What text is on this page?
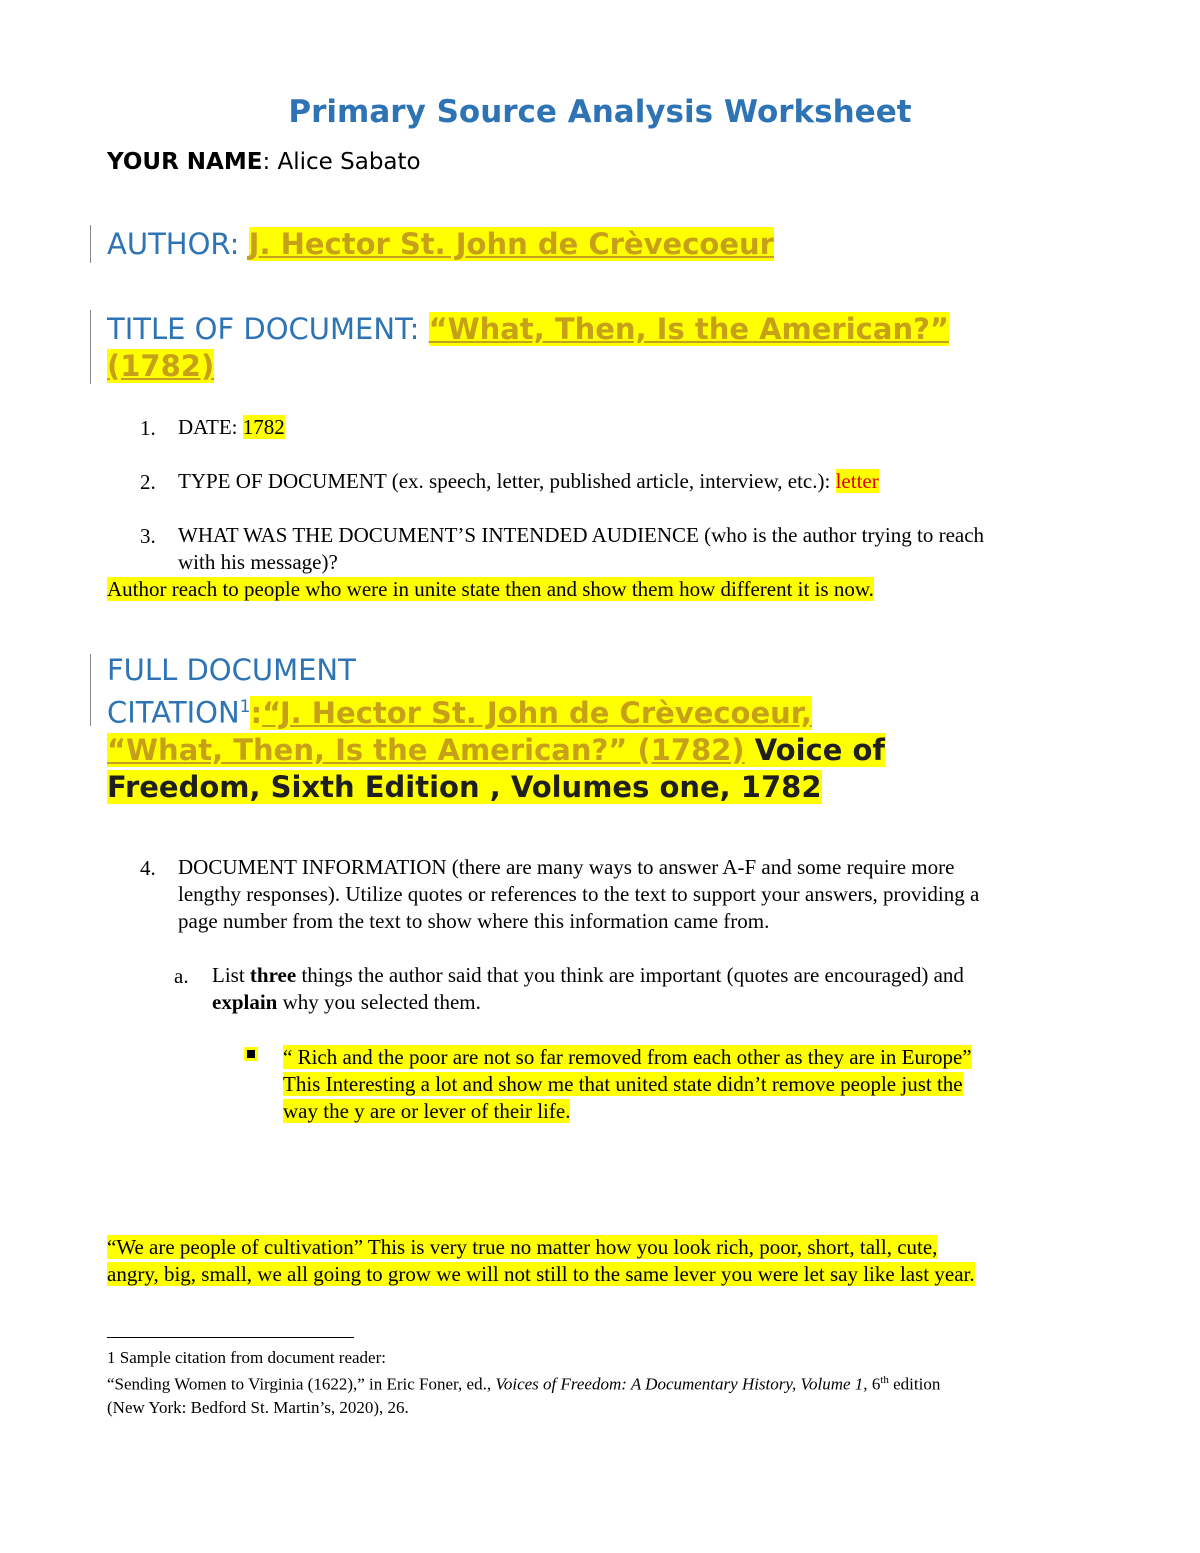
Primary Source Analysis Worksheet
YOUR NAME: Alice Sabato
AUTHOR: J. Hector St. John de Crèvecoeur
TITLE OF DOCUMENT: “What, Then, Is the American?”
(1782)
1. DATE: 1782
2. TYPE OF DOCUMENT (ex. speech, letter, published article, interview, etc.): letter
3. WHAT WAS THE DOCUMENT’S INTENDED AUDIENCE (who is the author trying to reach
with his message)?
Author reach to people who were in unite state then and show them how different it is now.
FULL DOCUMENT
CITATION$^1$:“J. Hector St. John de Crèvecoeur,
“What, Then, Is the American?” (1782) Voice of
Freedom, Sixth Edition , Volumes one, 1782
4. DOCUMENT INFORMATION (there are many ways to answer A-F and some require more
lengthy responses). Utilize quotes or references to the text to support your answers, providing a
page number from the text to show where this information came from.
a. List three things the author said that you think are important (quotes are encouraged) and
explain why you selected them.
“ Rich and the poor are not so far removed from each other as they are in Europe”
This Interesting a lot and show me that united state didn’t remove people just the
way the y are or lever of their life.
“We are people of cultivation” This is very true no matter how you look rich, poor, short, tall, cute,
angry, big, small, we all going to grow we will not still to the same lever you were let say like last year.
1 Sample citation from document reader:
“Sending Women to Virginia (1622),” in Eric Foner, ed., Voices of Freedom: A Documentary History, Volume 1, 6th edition
(New York: Bedford St. Martin’s, 2020), 26.
